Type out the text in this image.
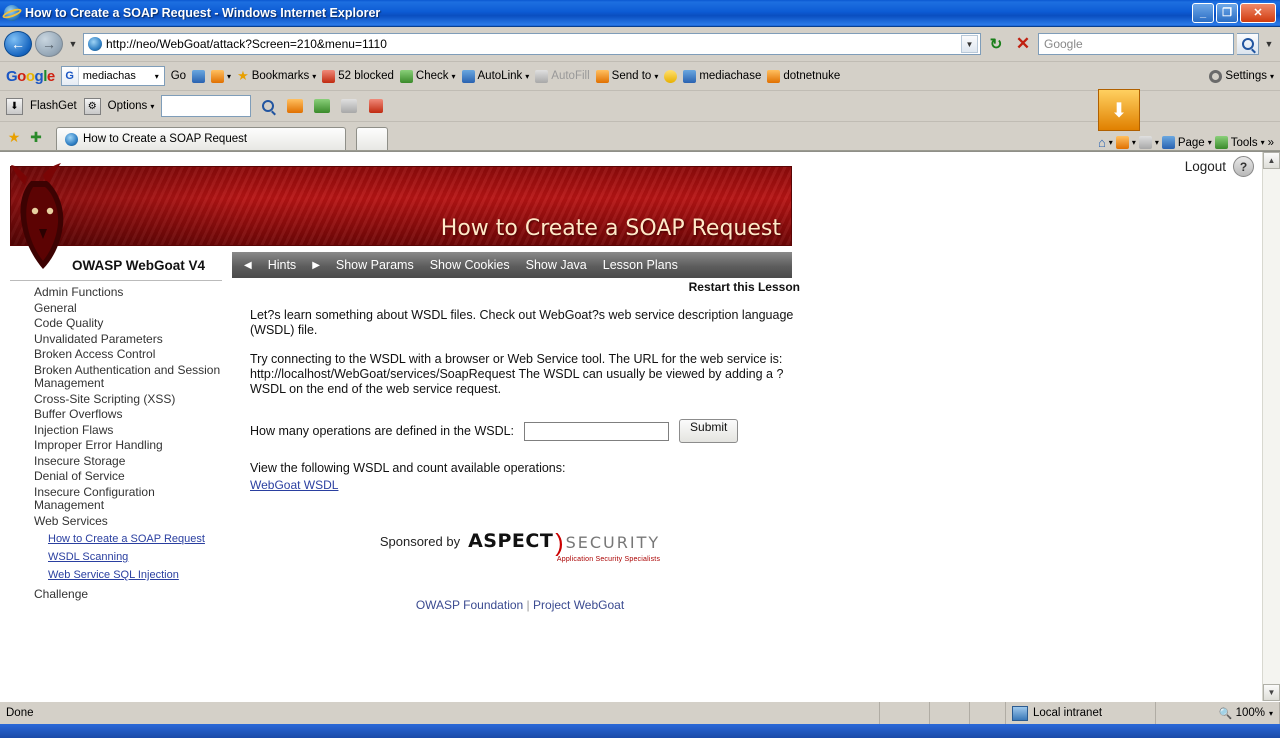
How to Create a SOAP Request - Windows Internet Explorer	_	❐	✕
←	→	▼ http://neo/WebGoat/attack?Screen=210&menu=1110	▼	↻ ✕	Google	▼
Google G mediachas	▾	Go	▾ ★ Bookmarks ▾ 52 blocked Check ▾ AutoLink ▾ AutoFill Send to ▾	mediachase dotnetnuke	Settings ▾
⬇ FlashGet	⚙ Options ▾	⬇
★ ✚	How to Create a SOAP Request	⌂ ▾ ▾ ▾ Page ▾ Tools ▾ »
Logout	?
How to Create a SOAP Request
OWASP WebGoat V4	◀ Hints ▶ Show Params Show Cookies Show Java Lesson Plans
Admin Functions
General
Code Quality
Unvalidated Parameters
Broken Access Control
Broken Authentication and Session Management
Cross-Site Scripting (XSS)
Buffer Overflows
Injection Flaws
Improper Error Handling
Insecure Storage
Denial of Service
Insecure Configuration Management
Web Services
How to Create a SOAP Request
WSDL Scanning
Web Service SQL Injection
Challenge
Restart this Lesson

Let?s learn something about WSDL files. Check out WebGoat?s web service description language (WSDL) file.

Try connecting to the WSDL with a browser or Web Service tool. The URL for the web service is: http://localhost/WebGoat/services/SoapRequest The WSDL can usually be viewed by adding a ?WSDL on the end of the web service request.

How many operations are defined in the WSDL:	Submit

View the following WSDL and count available operations:

WebGoat WSDL
Sponsored by ASPECT ) SECURITY
Application Security Specialists
OWASP Foundation | Project WebGoat
▲
▼
Done	Local intranet	🔍 100% ▾
